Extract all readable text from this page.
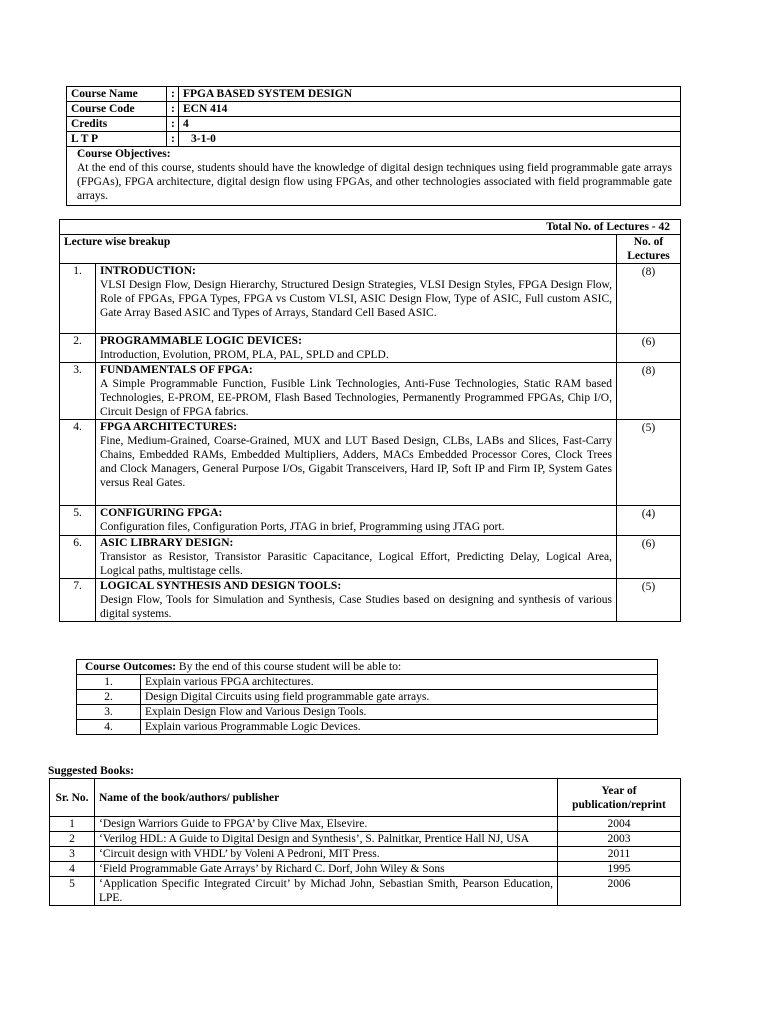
Course Name	:	FPGA BASED SYSTEM DESIGN
Course Code	:	ECN 414
Credits	:	4
L T P	:	3-1-0

Course Objectives:
At the end of this course, students should have the knowledge of digital design techniques using field programmable gate arrays (FPGAs), FPGA architecture, digital design flow using FPGAs, and other technologies associated with field programmable gate arrays.		
Total No. of Lectures - 42		
Lecture wise breakup		No. of Lectures
1.	INTRODUCTION:
VLSI Design Flow, Design Hierarchy, Structured Design Strategies, VLSI Design Styles, FPGA Design Flow, Role of FPGAs, FPGA Types, FPGA vs Custom VLSI, ASIC Design Flow, Type of ASIC, Full custom ASIC, Gate Array Based ASIC and Types of Arrays, Standard Cell Based ASIC.	(8)
2.	PROGRAMMABLE LOGIC DEVICES:
Introduction, Evolution, PROM, PLA, PAL, SPLD and CPLD.	(6)
3.	FUNDAMENTALS OF FPGA:
A Simple Programmable Function, Fusible Link Technologies, Anti-Fuse Technologies, Static RAM based Technologies, E-PROM, EE-PROM, Flash Based Technologies, Permanently Programmed FPGAs, Chip I/O, Circuit Design of FPGA fabrics.	(8)
4.	FPGA ARCHITECTURES:
Fine, Medium-Grained, Coarse-Grained, MUX and LUT Based Design, CLBs, LABs and Slices, Fast-Carry Chains, Embedded RAMs, Embedded Multipliers, Adders, MACs Embedded Processor Cores, Clock Trees and Clock Managers, General Purpose I/Os, Gigabit Transceivers, Hard IP, Soft IP and Firm IP, System Gates versus Real Gates.	(5)
5.	CONFIGURING FPGA:
Configuration files, Configuration Ports, JTAG in brief, Programming using JTAG port.	(4)
6.	ASIC LIBRARY DESIGN:
Transistor as Resistor, Transistor Parasitic Capacitance, Logical Effort, Predicting Delay, Logical Area, Logical paths, multistage cells.	(6)
7.	LOGICAL SYNTHESIS AND DESIGN TOOLS:
Design Flow, Tools for Simulation and Synthesis, Case Studies based on designing and synthesis of various digital systems.	(5)
Course Outcomes: By the end of this course student will be able to:	
1.	Explain various FPGA architectures.
2.	Design Digital Circuits using field programmable gate arrays.
3.	Explain Design Flow and Various Design Tools.
4.	Explain various Programmable Logic Devices.
Suggested Books:
Sr. No.	Name of the book/authors/ publisher	Year of publication/reprint
1	‘Design Warriors Guide to FPGA’ by Clive Max, Elsevire.	2004
2	‘Verilog HDL: A Guide to Digital Design and Synthesis’, S. Palnitkar, Prentice Hall NJ, USA	2003
3	‘Circuit design with VHDL’ by Voleni A Pedroni, MIT Press.	2011
4	‘Field Programmable Gate Arrays’ by Richard C. Dorf, John Wiley & Sons	1995
5	‘Application Specific Integrated Circuit’ by Michad John, Sebastian Smith, Pearson Education, LPE.	2006
